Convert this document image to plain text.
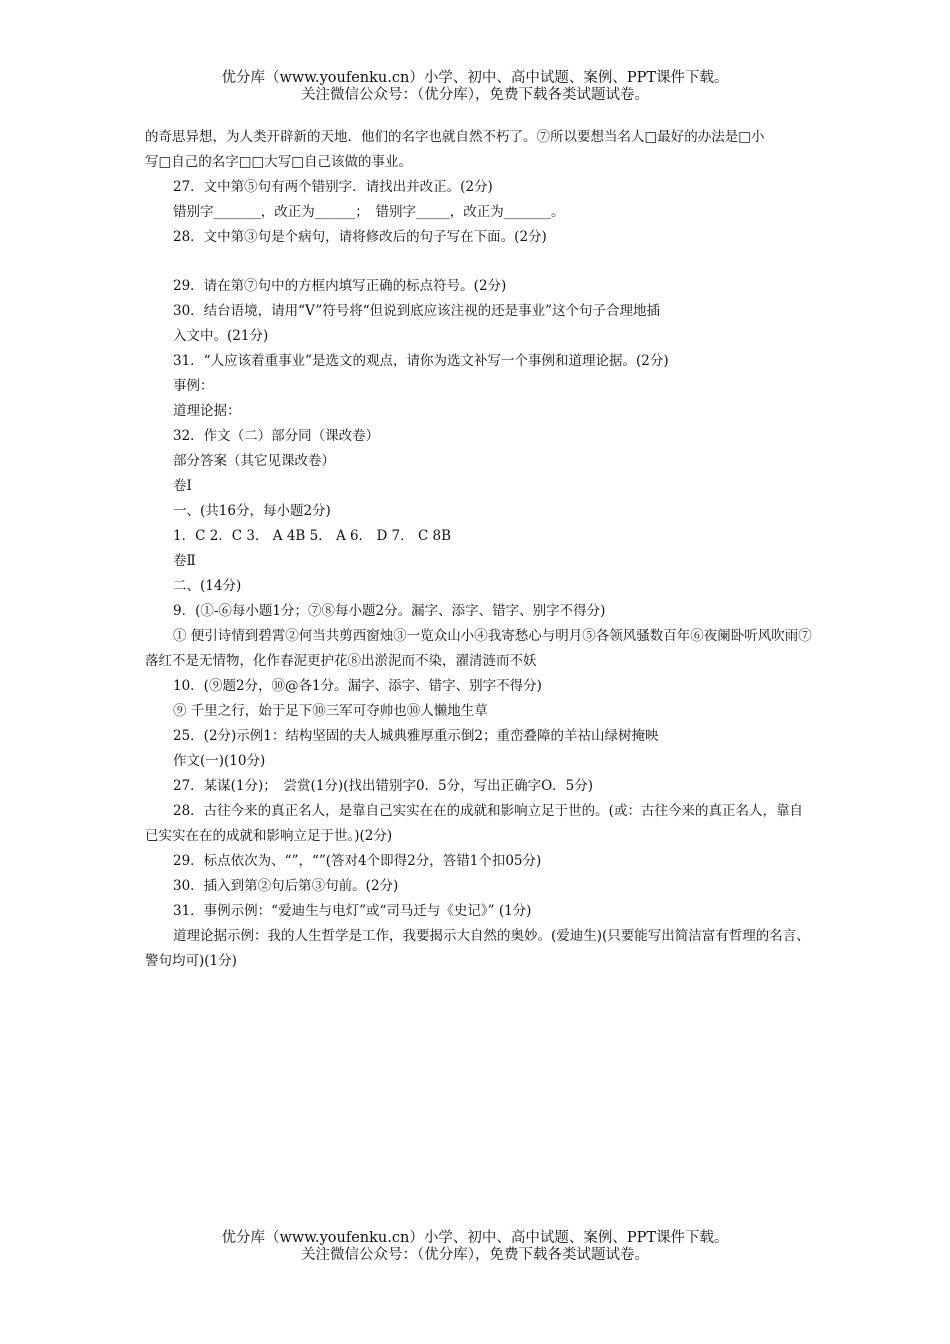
优分库（www.youfenku.cn）小学、初中、高中试题、案例、PPT课件下载。
关注微信公众号：（优分库），免费下载各类试题试卷。
的奇思异想，为人类开辟新的天地．他们的名字也就自然不朽了。⑦所以要想当名人□最好的办法是□小
写□自己的名字□□大写□自己该做的事业。
27．文中第⑤句有两个错别字．请找出并改正。(2分)
错别字_______，改正为______；　错别字_____，改正为_______。
28．文中第③句是个病句，请将修改后的句子写在下面。(2分)
29．请在第⑦句中的方框内填写正确的标点符号。(2分)
30．结台语境，请用“V”符号将“但说到底应该注视的还是事业”这个句子合理地插
入文中。(21分)
31．“人应该着重事业”是选文的观点，请你为选文补写一个事例和道理论据。(2分)
事例：
道理论据：
32．作文（二）部分同（课改卷）
部分答案（其它见课改卷）
卷Ⅰ
一、(共16分，每小题2分)
1．C 2．C 3． A 4B 5． A 6． D 7． C 8B
卷Ⅱ
二、(14分)
9．(①-⑥每小题1分；⑦⑧每小题2分。漏字、添字、错字、别字不得分)
① 便引诗情到碧霄②何当共剪西窗烛③一览众山小④我寄愁心与明月⑤各领风骚数百年⑥夜阑卧听风吹雨⑦落红不是无情物，化作春泥更护花⑧出淤泥而不染，濯清涟而不妖
10．(⑨题2分，⑩@各1分。漏字、添字、错字、别字不得分)
⑨ 千里之行，始于足下⑩三军可夺帅也⑩人懒地生草
25．(2分)示例1：结构坚固的夫人城典雅厚重示倒2；重峦叠障的羊祜山绿树掩映
作文(一)(10分)
27．某谋(1分)；　尝赏(1分)(找出错别字0．5分，写出正确字O．5分)
28．古往今来的真正名人，是靠自己实实在在的成就和影响立足于世的。(或：古往今来的真正名人，靠自已实实在在的成就和影响立足于世。)(2分)
29．标点依次为、“”，“”(答对4个即得2分，答错1个扣05分)
30．插入到第②句后第③句前。(2分)
31．事例示例：“爱迪生与电灯”或“司马迁与《史记》” (1分)
道理论据示例：我的人生哲学是工作，我要揭示大自然的奥妙。(爱迪生)(只要能写出简洁富有哲理的名言、警句均可)(1分)
优分库（www.youfenku.cn）小学、初中、高中试题、案例、PPT课件下载。
关注微信公众号：（优分库），免费下载各类试题试卷。
